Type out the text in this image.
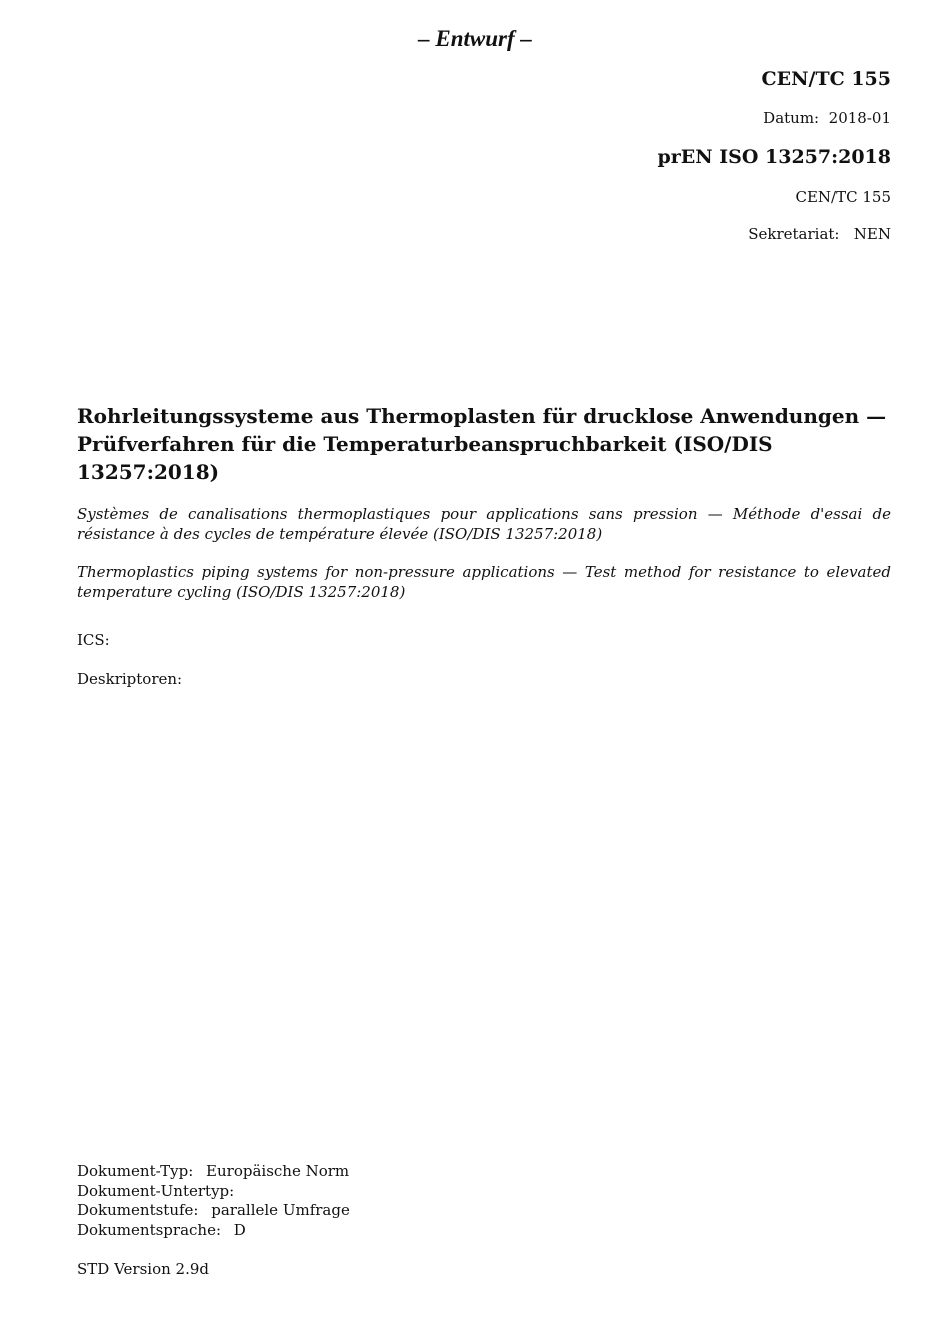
– Entwurf –
CEN/TC 155
Datum: 2018-01
prEN ISO 13257:2018
CEN/TC 155
Sekretariat: NEN

Rohrleitungssysteme aus Thermoplasten für drucklose Anwendungen — Prüfverfahren für die Temperaturbeanspruchbarkeit (ISO/DIS 13257:2018)

Systèmes de canalisations thermoplastiques pour applications sans pression — Méthode d'essai de résistance à des cycles de température élevée (ISO/DIS 13257:2018)

Thermoplastics piping systems for non-pressure applications — Test method for resistance to elevated temperature cycling (ISO/DIS 13257:2018)

ICS:
Deskriptoren:
Dokument-Typ: Europäische Norm
Dokument-Untertyp:
Dokumentstufe: parallele Umfrage
Dokumentsprache: D
STD Version 2.9d
